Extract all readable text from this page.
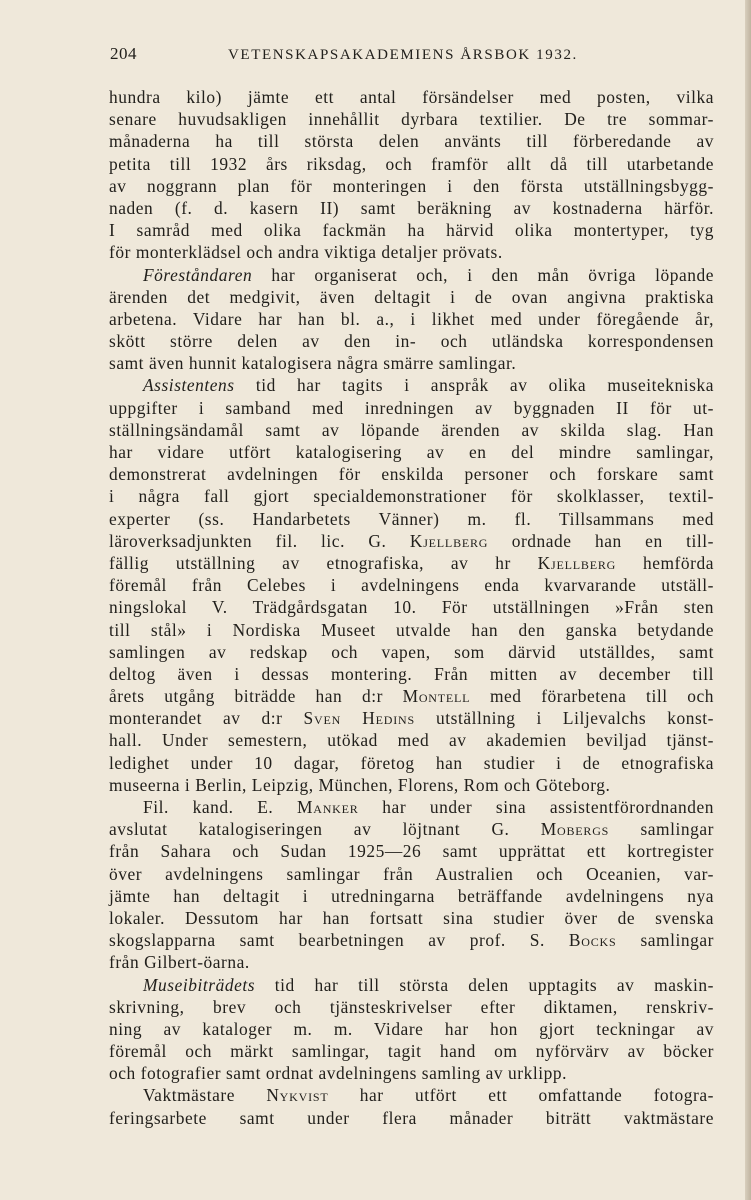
204	VETENSKAPSAKADEMIENS ÅRSBOK 1932.
hundra kilo) jämte ett antal försändelser med posten, vilka
senare huvudsakligen innehållit dyrbara textilier. De tre sommar-
månaderna ha till största delen använts till förberedande av
petita till 1932 års riksdag, och framför allt då till utarbetande
av noggrann plan för monteringen i den första utställningsbygg-
naden (f. d. kasern II) samt beräkning av kostnaderna härför.
I samråd med olika fackmän ha härvid olika montertyper, tyg
för monterklädsel och andra viktiga detaljer prövats.
Föreståndaren har organiserat och, i den mån övriga löpande
ärenden det medgivit, även deltagit i de ovan angivna praktiska
arbetena. Vidare har han bl. a., i likhet med under föregående år,
skött större delen av den in- och utländska korrespondensen
samt även hunnit katalogisera några smärre samlingar.
Assistentens tid har tagits i anspråk av olika museitekniska
uppgifter i samband med inredningen av byggnaden II för ut-
ställningsändamål samt av löpande ärenden av skilda slag. Han
har vidare utfört katalogisering av en del mindre samlingar,
demonstrerat avdelningen för enskilda personer och forskare samt
i några fall gjort specialdemonstrationer för skolklasser, textil-
experter (ss. Handarbetets Vänner) m. fl. Tillsammans med
läroverksadjunkten fil. lic. G. Kjellberg ordnade han en till-
fällig utställning av etnografiska, av hr Kjellberg hemförda
föremål från Celebes i avdelningens enda kvarvarande utställ-
ningslokal V. Trädgårdsgatan 10. För utställningen »Från sten
till stål» i Nordiska Museet utvalde han den ganska betydande
samlingen av redskap och vapen, som därvid utställdes, samt
deltog även i dessas montering. Från mitten av december till
årets utgång biträdde han d:r Montell med förarbetena till och
monterandet av d:r Sven Hedins utställning i Liljevalchs konst-
hall. Under semestern, utökad med av akademien beviljad tjänst-
ledighet under 10 dagar, företog han studier i de etnografiska
museerna i Berlin, Leipzig, München, Florens, Rom och Göteborg.
Fil. kand. E. Manker har under sina assistentförordnanden
avslutat katalogiseringen av löjtnant G. Mobergs samlingar
från Sahara och Sudan 1925—26 samt upprättat ett kortregister
över avdelningens samlingar från Australien och Oceanien, var-
jämte han deltagit i utredningarna beträffande avdelningens nya
lokaler. Dessutom har han fortsatt sina studier över de svenska
skogslapparna samt bearbetningen av prof. S. Bocks samlingar
från Gilbert-öarna.
Museibiträdets tid har till största delen upptagits av maskin-
skrivning, brev och tjänsteskrivelser efter diktamen, renskriv-
ning av kataloger m. m. Vidare har hon gjort teckningar av
föremål och märkt samlingar, tagit hand om nyförvärv av böcker
och fotografier samt ordnat avdelningens samling av urklipp.
Vaktmästare Nykvist har utfört ett omfattande fotogra-
feringsarbete samt under flera månader biträtt vaktmästare
